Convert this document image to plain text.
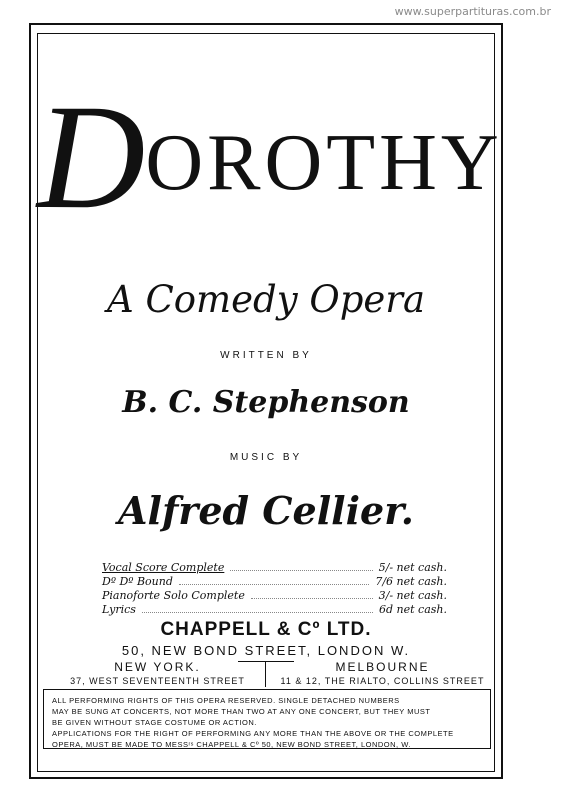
www.superpartituras.com.br
DOROTHY
A Comedy Opera
WRITTEN BY
B. C. Stephenson
MUSIC BY
Alfred Cellier.
Vocal Score Complete	5/- net cash.
Dº Dº Bound	7/6 net cash.
Pianoforte Solo Complete	3/- net cash.
Lyrics	6d net cash.
CHAPPELL & Cº LTD.
50, NEW BOND STREET, LONDON W.
NEW YORK.
37, WEST SEVENTEENTH STREET
MELBOURNE
11 & 12, THE RIALTO, COLLINS STREET
ALL PERFORMING RIGHTS OF THIS OPERA RESERVED. SINGLE DETACHED NUMBERS
MAY BE SUNG AT CONCERTS, NOT MORE THAN TWO AT ANY ONE CONCERT, BUT THEY MUST
BE GIVEN WITHOUT STAGE COSTUME OR ACTION.
APPLICATIONS FOR THE RIGHT OF PERFORMING ANY MORE THAN THE ABOVE OR THE COMPLETE
OPERA, MUST BE MADE TO MESSʳˢ CHAPPELL & Cº 50, NEW BOND STREET, LONDON, W.
